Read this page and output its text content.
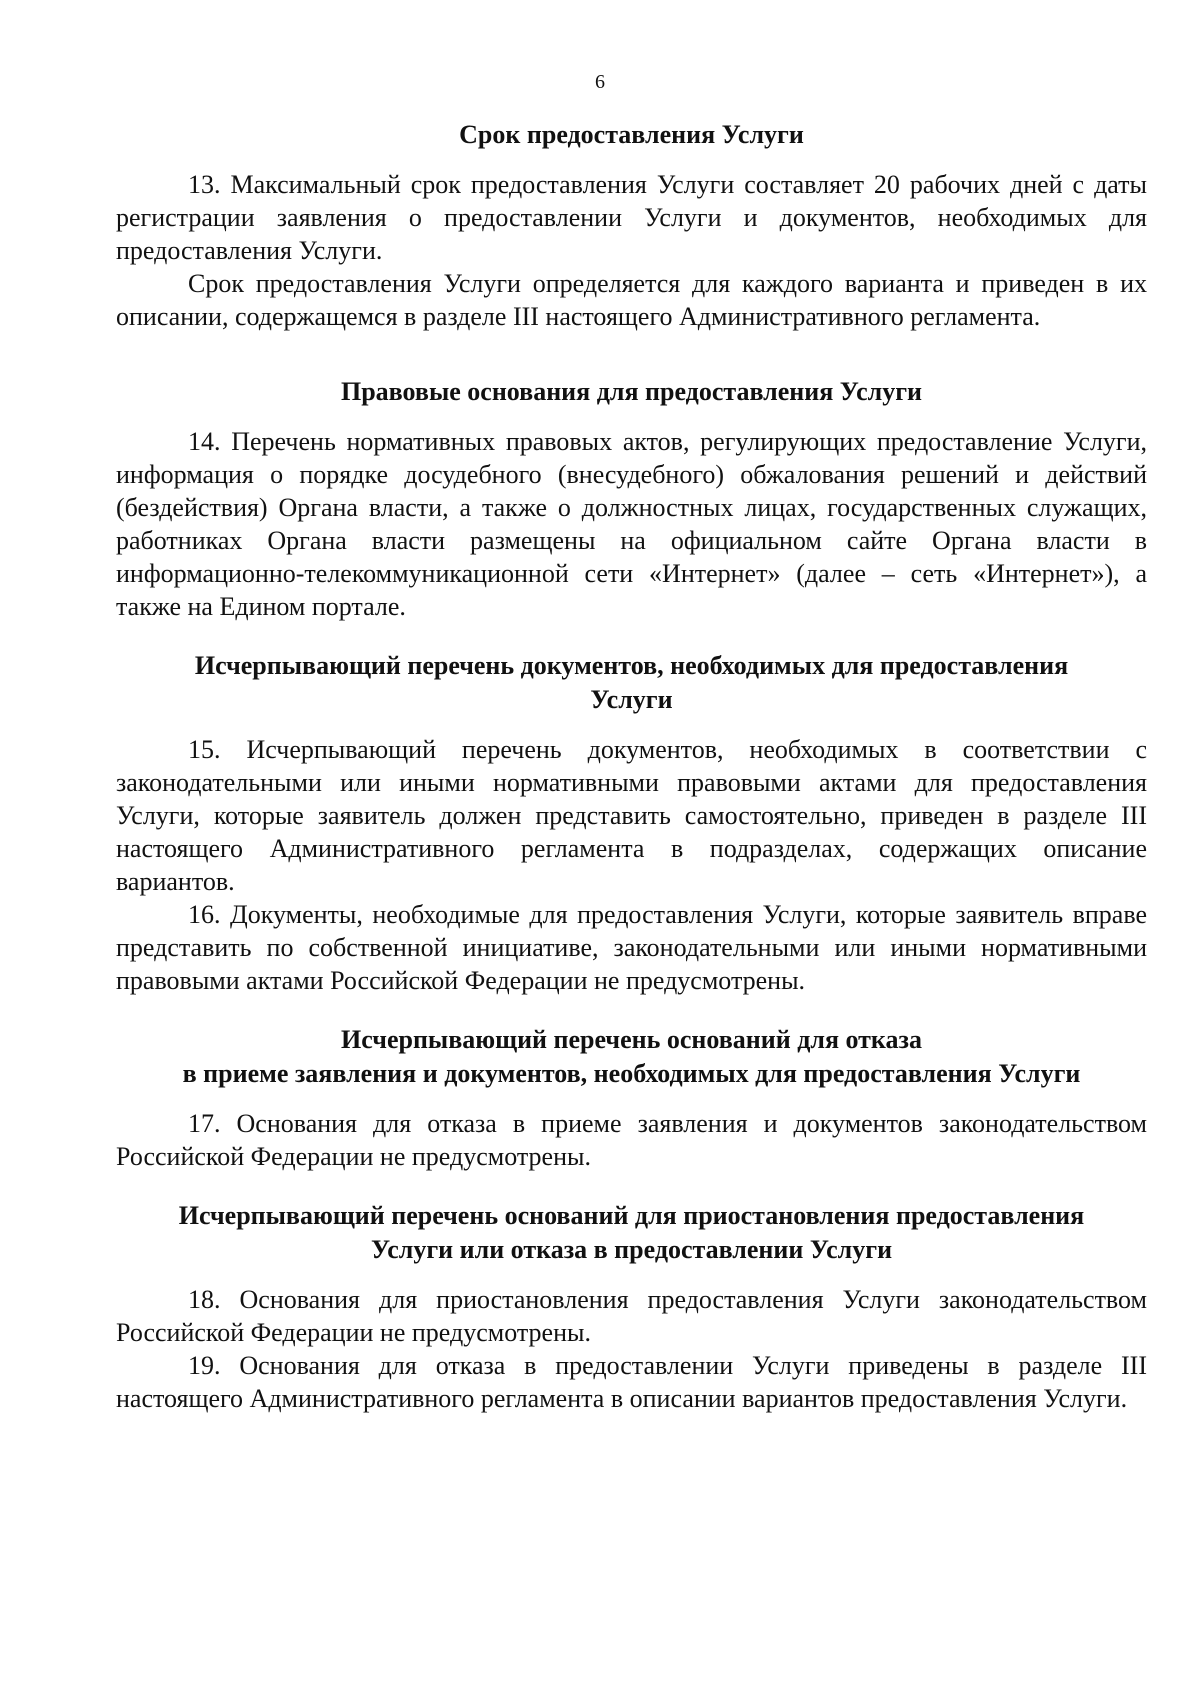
6
Срок предоставления Услуги

13. Максимальный срок предоставления Услуги составляет 20 рабочих дней с даты регистрации заявления о предоставлении Услуги и документов, необходимых для предоставления Услуги.

Срок предоставления Услуги определяется для каждого варианта и приведен в их описании, содержащемся в разделе III настоящего Административного регламента.

Правовые основания для предоставления Услуги

14. Перечень нормативных правовых актов, регулирующих предоставление Услуги, информация о порядке досудебного (внесудебного) обжалования решений и действий (бездействия) Органа власти, а также о должностных лицах, государственных служащих, работниках Органа власти размещены на официальном сайте Органа власти в информационно-телекоммуникационной сети «Интернет» (далее – сеть «Интернет»), а также на Едином портале.

Исчерпывающий перечень документов, необходимых для предоставления
Услуги

15. Исчерпывающий перечень документов, необходимых в соответствии с законодательными или иными нормативными правовыми актами для предоставления Услуги, которые заявитель должен представить самостоятельно, приведен в разделе III настоящего Административного регламента в подразделах, содержащих описание вариантов.

16. Документы, необходимые для предоставления Услуги, которые заявитель вправе представить по собственной инициативе, законодательными или иными нормативными правовыми актами Российской Федерации не предусмотрены.

Исчерпывающий перечень оснований для отказа
в приеме заявления и документов, необходимых для предоставления Услуги

17. Основания для отказа в приеме заявления и документов законодательством Российской Федерации не предусмотрены.

Исчерпывающий перечень оснований для приостановления предоставления
Услуги или отказа в предоставлении Услуги

18. Основания для приостановления предоставления Услуги законодательством Российской Федерации не предусмотрены.

19. Основания для отказа в предоставлении Услуги приведены в разделе III настоящего Административного регламента в описании вариантов предоставления Услуги.
